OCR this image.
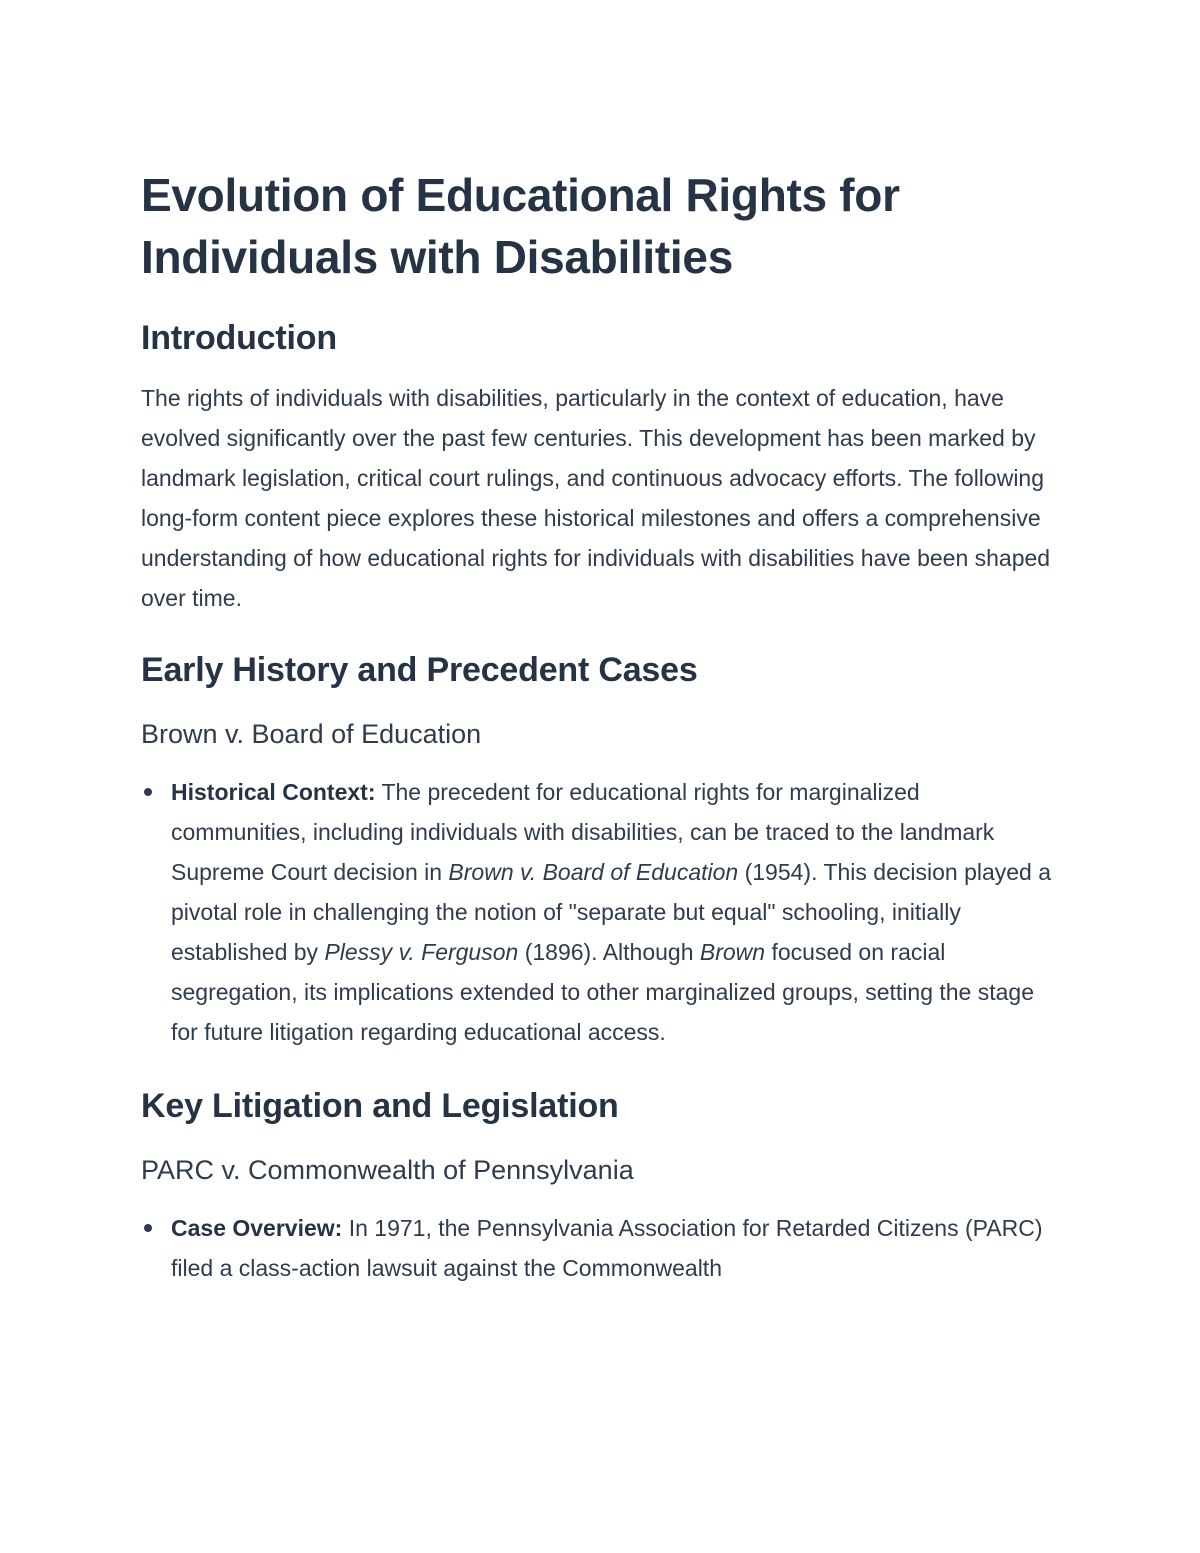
Evolution of Educational Rights for Individuals with Disabilities
Introduction

The rights of individuals with disabilities, particularly in the context of education, have evolved significantly over the past few centuries. This development has been marked by landmark legislation, critical court rulings, and continuous advocacy efforts. The following long-form content piece explores these historical milestones and offers a comprehensive understanding of how educational rights for individuals with disabilities have been shaped over time.

Early History and Precedent Cases
Brown v. Board of Education
Historical Context: The precedent for educational rights for marginalized communities, including individuals with disabilities, can be traced to the landmark Supreme Court decision in Brown v. Board of Education (1954). This decision played a pivotal role in challenging the notion of "separate but equal" schooling, initially established by Plessy v. Ferguson (1896). Although Brown focused on racial segregation, its implications extended to other marginalized groups, setting the stage for future litigation regarding educational access.
Key Litigation and Legislation
PARC v. Commonwealth of Pennsylvania
Case Overview: In 1971, the Pennsylvania Association for Retarded Citizens (PARC) filed a class-action lawsuit against the Commonwealth
